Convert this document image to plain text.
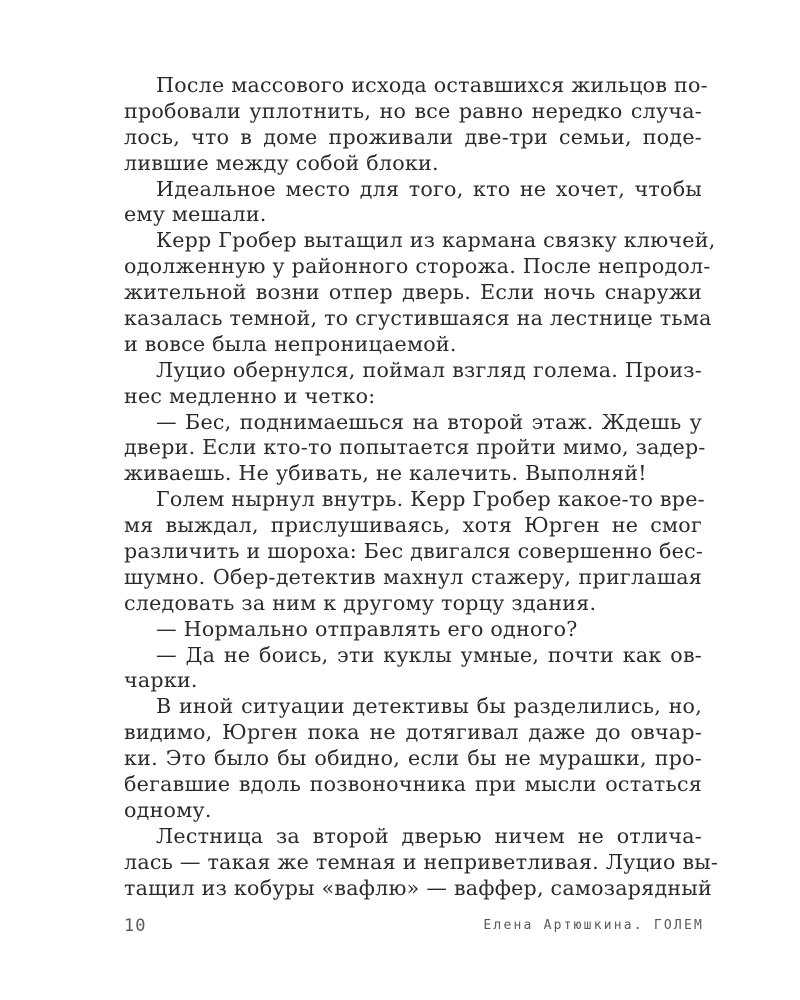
После массового исхода оставшихся жильцов по-
пробовали уплотнить, но все равно нередко случа-
лось, что в доме проживали две-три семьи, поде-
лившие между собой блоки.
Идеальное место для того, кто не хочет, чтобы
ему мешали.
Керр Гробер вытащил из кармана связку ключей,
одолженную у районного сторожа. После непродол-
жительной возни отпер дверь. Если ночь снаружи
казалась темной, то сгустившаяся на лестнице тьма
и вовсе была непроницаемой.
Луцио обернулся, поймал взгляд голема. Произ-
нес медленно и четко:
— Бес, поднимаешься на второй этаж. Ждешь у
двери. Если кто-то попытается пройти мимо, задер-
живаешь. Не убивать, не калечить. Выполняй!
Голем нырнул внутрь. Керр Гробер какое-то вре-
мя выждал, прислушиваясь, хотя Юрген не смог
различить и шороха: Бес двигался совершенно бес-
шумно. Обер-детектив махнул стажеру, приглашая
следовать за ним к другому торцу здания.
— Нормально отправлять его одного?
— Да не боись, эти куклы умные, почти как ов-
чарки.
В иной ситуации детективы бы разделились, но,
видимо, Юрген пока не дотягивал даже до овчар-
ки. Это было бы обидно, если бы не мурашки, про-
бегавшие вдоль позвоночника при мысли остаться
одному.
Лестница за второй дверью ничем не отлича-
лась — такая же темная и неприветливая. Луцио вы-
тащил из кобуры «вафлю» — ваффер, самозарядный
10	Елена Артюшкина. ГОЛЕМ
